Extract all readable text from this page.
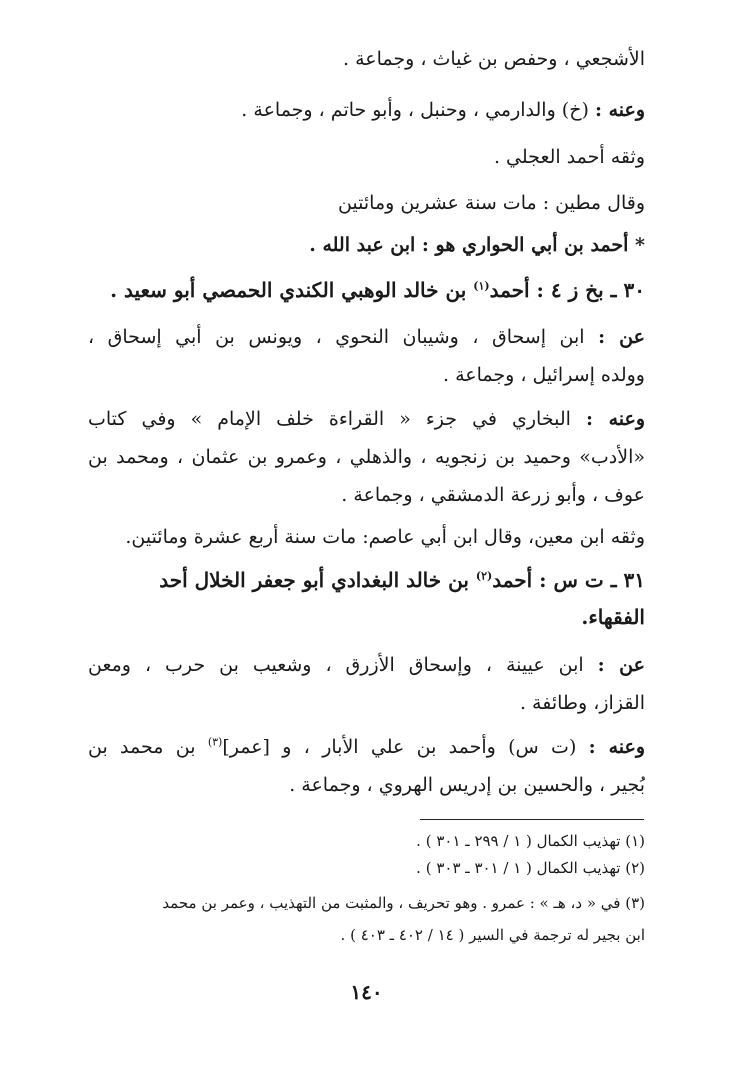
الأشجعي ، وحفص بن غياث ، وجماعة .
وعنه : (خ) والدارمي ، وحنبل ، وأبو حاتم ، وجماعة .
وثقه أحمد العجلي .
وقال مطين : مات سنة عشرين ومائتين
* أحمد بن أبي الحواري هو : ابن عبد الله .
٣٠ ـ بخ ز ٤ : أحمد$^{(١)}$ بن خالد الوهبي الكندي الحمصي أبو سعيد .
عن : ابن إسحاق ، وشيبان النحوي ، ويونس بن أبي إسحاق ،
وولده إسرائيل ، وجماعة .
وعنه : البخاري في جزء « القراءة خلف الإمام » وفي كتاب
«الأدب» وحميد بن زنجويه ، والذهلي ، وعمرو بن عثمان ، ومحمد بن
عوف ، وأبو زرعة الدمشقي ، وجماعة .
وثقه ابن معين، وقال ابن أبي عاصم: مات سنة أربع عشرة ومائتين.
٣١ ـ ت س : أحمد$^{(٢)}$ بن خالد البغدادي أبو جعفر الخلال أحد
الفقهاء.
عن : ابن عيينة ، وإسحاق الأزرق ، وشعيب بن حرب ، ومعن
القزاز، وطائفة .
وعنه : (ت س) وأحمد بن علي الأبار ، و [عمر]$^{(٣)}$ بن محمد بن
بُجير ، والحسين بن إدريس الهروي ، وجماعة .
(١) تهذيب الكمال ( ١ / ٢٩٩ ـ ٣٠١ ) .
(٢) تهذيب الكمال ( ١ / ٣٠١ ـ ٣٠٣ ) .
(٣) في « د، هـ » : عمرو . وهو تحريف ، والمثبت من التهذيب ، وعمر بن محمد
ابن بجير له ترجمة في السير ( ١٤ / ٤٠٢ ـ ٤٠٣ ) .
١٤٠
